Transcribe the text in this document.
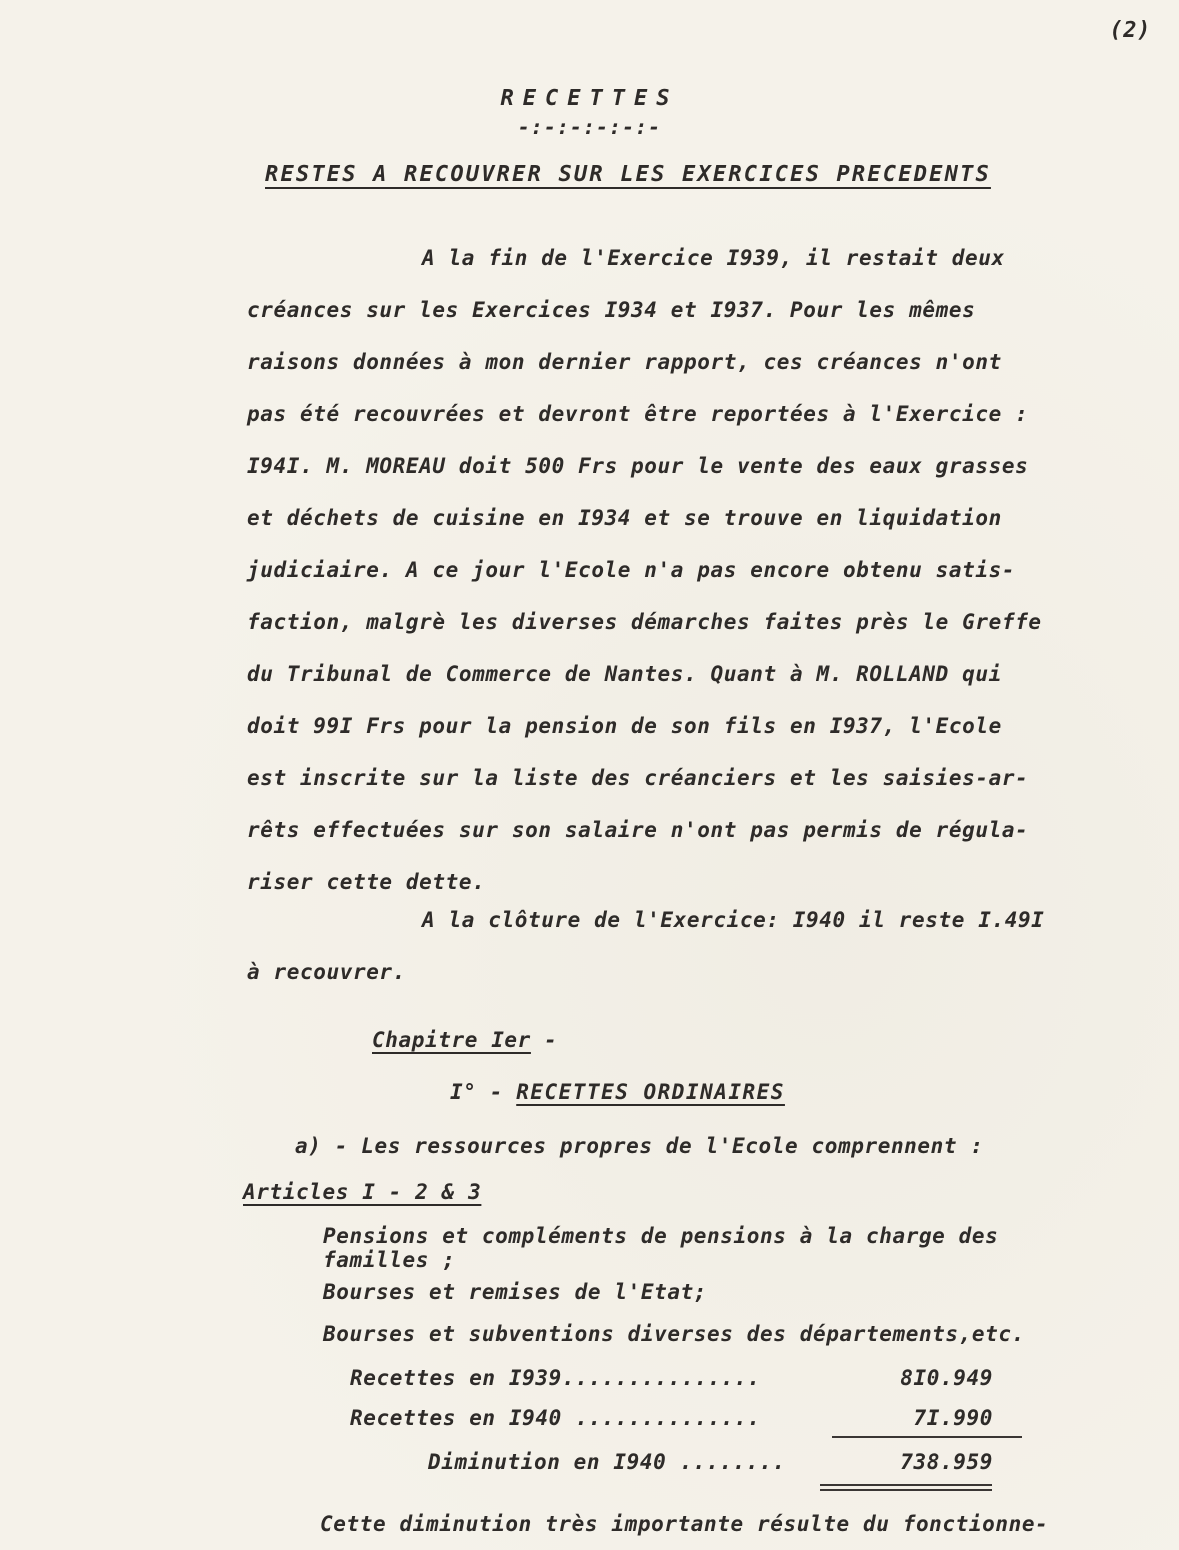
(2)
RECETTES
-:-:-:-:-:-
RESTES A RECOUVRER SUR LES EXERCICES PRECEDENTS
A la fin de l'Exercice I939, il restait deux
créances sur les Exercices I934 et I937. Pour les mêmes
raisons données à mon dernier rapport, ces créances n'ont
pas été recouvrées et devront être reportées à l'Exercice :
I94I. M. MOREAU doit 500 Frs pour le vente des eaux grasses
et déchets de cuisine en I934 et se trouve en liquidation
judiciaire. A ce jour l'Ecole n'a pas encore obtenu satis-
faction, malgrè les diverses démarches faites près le Greffe
du Tribunal de Commerce de Nantes. Quant à M. ROLLAND qui
doit 99I Frs pour la pension de son fils en I937, l'Ecole
est inscrite sur la liste des créanciers et les saisies-ar-
rêts effectuées sur son salaire n'ont pas permis de régula-
riser cette dette.
A la clôture de l'Exercice: I940 il reste I.49I
à recouvrer.
Chapitre Ier -
I° - RECETTES ORDINAIRES
a) - Les ressources propres de l'Ecole comprennent :
Articles I - 2 & 3
Pensions et compléments de pensions à la charge des
familles ;
Bourses et remises de l'Etat;
Bourses et subventions diverses des départements,etc.
Recettes en I939...............	8I0.949
Recettes en I940 ..............	7I.990
Diminution en I940 ........	738.959
Cette diminution très importante résulte du fonctionne-
